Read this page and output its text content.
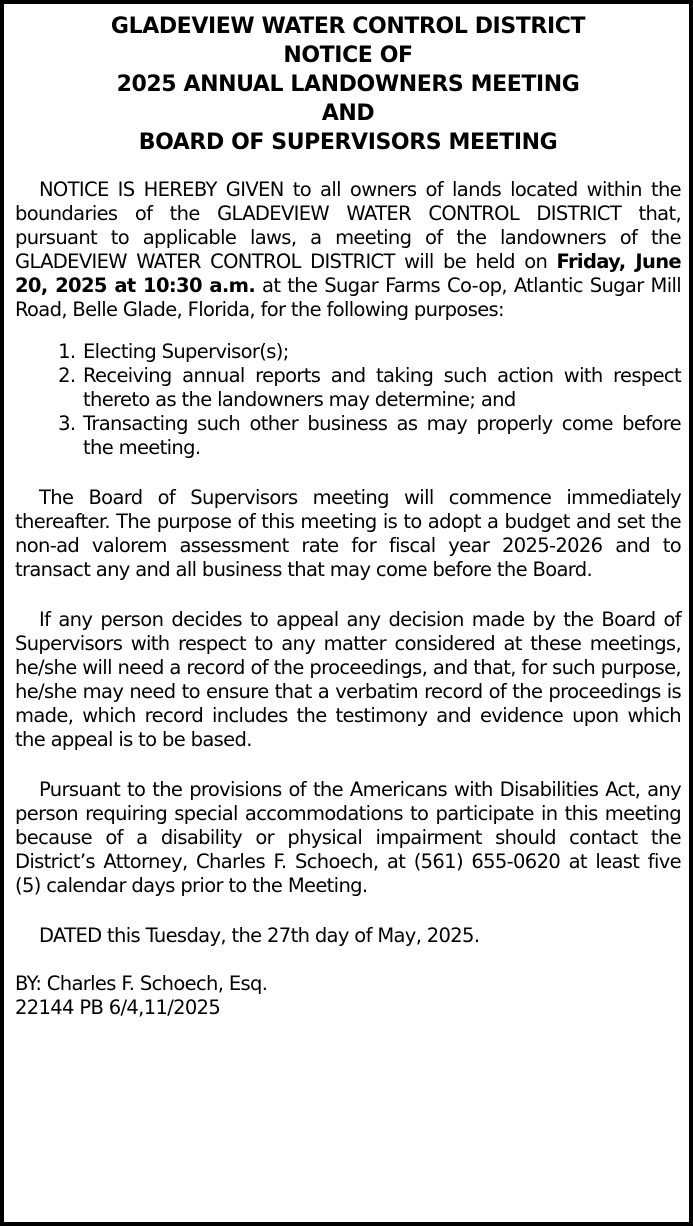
GLADEVIEW WATER CONTROL DISTRICT
NOTICE OF
2025 ANNUAL LANDOWNERS MEETING
AND
BOARD OF SUPERVISORS MEETING

NOTICE IS HEREBY GIVEN to all owners of lands located within the boundaries of the GLADEVIEW WATER CONTROL DISTRICT that, pursuant to applicable laws, a meeting of the landowners of the GLADEVIEW WATER CONTROL DISTRICT will be held on Friday, June 20, 2025 at 10:30 a.m. at the Sugar Farms Co-op, Atlantic Sugar Mill Road, Belle Glade, Florida, for the following purposes:

1. Electing Supervisor(s);
2. Receiving annual reports and taking such action with respect thereto as the landowners may determine; and
3. Transacting such other business as may properly come before the meeting.

The Board of Supervisors meeting will commence immediately thereafter. The purpose of this meeting is to adopt a budget and set the non-ad valorem assessment rate for fiscal year 2025-2026 and to transact any and all business that may come before the Board.

If any person decides to appeal any decision made by the Board of Supervisors with respect to any matter considered at these meetings, he/she will need a record of the proceedings, and that, for such purpose, he/she may need to ensure that a verbatim record of the proceedings is made, which record includes the testimony and evidence upon which the appeal is to be based.

Pursuant to the provisions of the Americans with Disabilities Act, any person requiring special accommodations to participate in this meeting because of a disability or physical impairment should contact the District’s Attorney, Charles F. Schoech, at (561) 655-0620 at least five (5) calendar days prior to the Meeting.

DATED this Tuesday, the 27th day of May, 2025.

BY: Charles F. Schoech, Esq.

22144 PB 6/4,11/2025
